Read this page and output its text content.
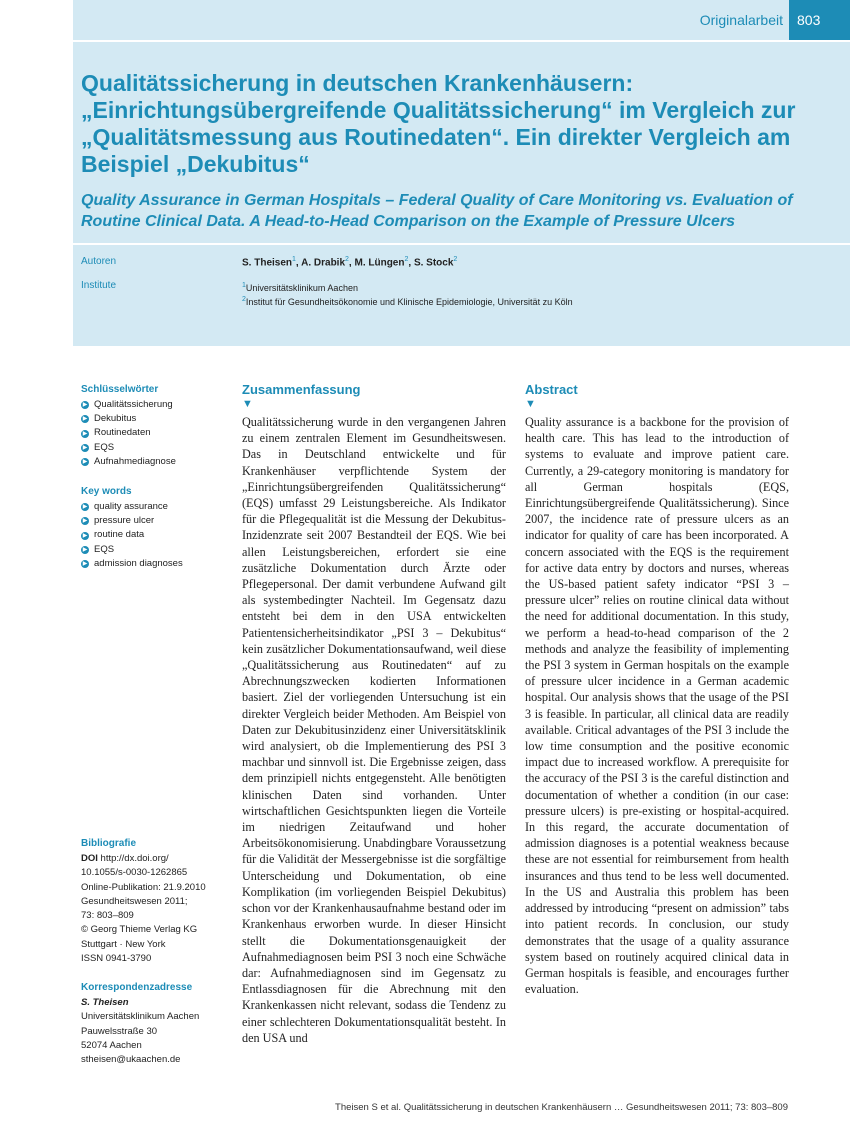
Originalarbeit	803
Qualitätssicherung in deutschen Krankenhäusern: „Einrichtungsübergreifende Qualitätssicherung“ im Vergleich zur „Qualitätsmessung aus Routinedaten“. Ein direkter Vergleich am Beispiel „Dekubitus“
Quality Assurance in German Hospitals – Federal Quality of Care Monitoring vs. Evaluation of Routine Clinical Data. A Head-to-Head Comparison on the Example of Pressure Ulcers
Autoren
Institute
S. Theisen$^1$, A. Drabik$^2$, M. Lüngen$^2$, S. Stock$^2$
$^1$Universitätsklinikum Aachen
$^2$Institut für Gesundheitsökonomie und Klinische Epidemiologie, Universität zu Köln
Schlüsselwörter
▶ Qualitätssicherung
▶ Dekubitus
▶ Routinedaten
▶ EQS
▶ Aufnahmediagnose
Key words
▶ quality assurance
▶ pressure ulcer
▶ routine data
▶ EQS
▶ admission diagnoses
Bibliografie
DOI http://dx.doi.org/
10.1055/s-0030-1262865
Online-Publikation: 21.9.2010
Gesundheitswesen 2011;
73: 803–809
© Georg Thieme Verlag KG
Stuttgart · New York
ISSN 0941-3790
Korrespondenzadresse
S. Theisen
Universitätsklinikum Aachen
Pauwelsstraße 30
52074 Aachen
stheisen@ukaachen.de
Zusammenfassung
▼

Qualitätssicherung wurde in den vergangenen Jahren zu einem zentralen Element im Gesundheitswesen. Das in Deutschland entwickelte und für Krankenhäuser verpflichtende System der „Einrichtungsübergreifenden Qualitätssicherung“ (EQS) umfasst 29 Leistungsbereiche. Als Indikator für die Pflegequalität ist die Messung der Dekubitus-Inzidenzrate seit 2007 Bestandteil der EQS. Wie bei allen Leistungsbereichen, erfordert sie eine zusätzliche Dokumentation durch Ärzte oder Pflegepersonal. Der damit verbundene Aufwand gilt als systembedingter Nachteil. Im Gegensatz dazu entsteht bei dem in den USA entwickelten Patientensicherheitsindikator „PSI 3 – Dekubitus“ kein zusätzlicher Dokumentationsaufwand, weil diese „Qualitätssicherung aus Routinedaten“ auf zu Abrechnungszwecken kodierten Informationen basiert. Ziel der vorliegenden Untersuchung ist ein direkter Vergleich beider Methoden. Am Beispiel von Daten zur Dekubitusinzidenz einer Universitätsklinik wird analysiert, ob die Implementierung des PSI 3 machbar und sinnvoll ist. Die Ergebnisse zeigen, dass dem prinzipiell nichts entgegensteht. Alle benötigten klinischen Daten sind vorhanden. Unter wirtschaftlichen Gesichtspunkten liegen die Vorteile im niedrigen Zeitaufwand und hoher Arbeitsökonomisierung. Unabdingbare Voraussetzung für die Validität der Messergebnisse ist die sorgfältige Unterscheidung und Dokumentation, ob eine Komplikation (im vorliegenden Beispiel Dekubitus) schon vor der Krankenhausaufnahme bestand oder im Krankenhaus erworben wurde. In dieser Hinsicht stellt die Dokumentationsgenauigkeit der Aufnahmediagnosen beim PSI 3 noch eine Schwäche dar: Aufnahmediagnosen sind im Gegensatz zu Entlassdiagnosen für die Abrechnung mit den Krankenkassen nicht relevant, sodass die Tendenz zu einer schlechteren Dokumentationsqualität besteht. In den USA und

Abstract
▼

Quality assurance is a backbone for the provision of health care. This has lead to the introduction of systems to evaluate and improve patient care. Currently, a 29-category monitoring is mandatory for all German hospitals (EQS, Einrichtungsübergreifende Qualitätssicherung). Since 2007, the incidence rate of pressure ulcers as an indicator for quality of care has been incorporated. A concern associated with the EQS is the requirement for active data entry by doctors and nurses, whereas the US-based patient safety indicator “PSI 3 – pressure ulcer” relies on routine clinical data without the need for additional documentation. In this study, we perform a head-to-head comparison of the 2 methods and analyze the feasibility of implementing the PSI 3 system in German hospitals on the example of pressure ulcer incidence in a German academic hospital. Our analysis shows that the usage of the PSI 3 is feasible. In particular, all clinical data are readily available. Critical advantages of the PSI 3 include the low time consumption and the positive economic impact due to increased workflow. A prerequisite for the accuracy of the PSI 3 is the careful distinction and documentation of whether a condition (in our case: pressure ulcers) is pre-existing or hospital-acquired. In this regard, the accurate documentation of admission diagnoses is a potential weakness because these are not essential for reimbursement from health insurances and thus tend to be less well documented. In the US and Australia this problem has been addressed by introducing “present on admission” tabs into patient records. In conclusion, our study demonstrates that the usage of a quality assurance system based on routinely acquired clinical data in German hospitals is feasible, and encourages further evaluation.

Theisen S et al. Qualitätssicherung in deutschen Krankenhäusern … Gesundheitswesen 2011; 73: 803–809
